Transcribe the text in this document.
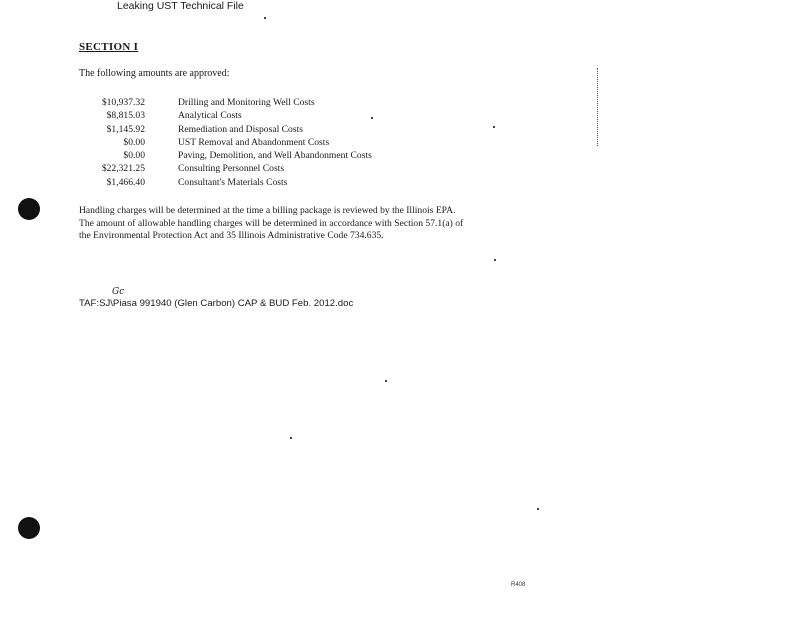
Leaking UST Technical File
SECTION I
The following amounts are approved:
$10,937.32	Drilling and Monitoring Well Costs
$8,815.03	Analytical Costs
$1,145.92	Remediation and Disposal Costs
$0.00	UST Removal and Abandonment Costs
$0.00	Paving, Demolition, and Well Abandonment Costs
$22,321.25	Consulting Personnel Costs
$1,466.40	Consultant's Materials Costs
Handling charges will be determined at the time a billing package is reviewed by the Illinois EPA.
The amount of allowable handling charges will be determined in accordance with Section 57.1(a) of
the Environmental Protection Act and 35 Illinois Administrative Code 734.635.
Gc
TAF:SJ\Piasa 991940 (Glen Carbon) CAP & BUD Feb. 2012.doc
R408
